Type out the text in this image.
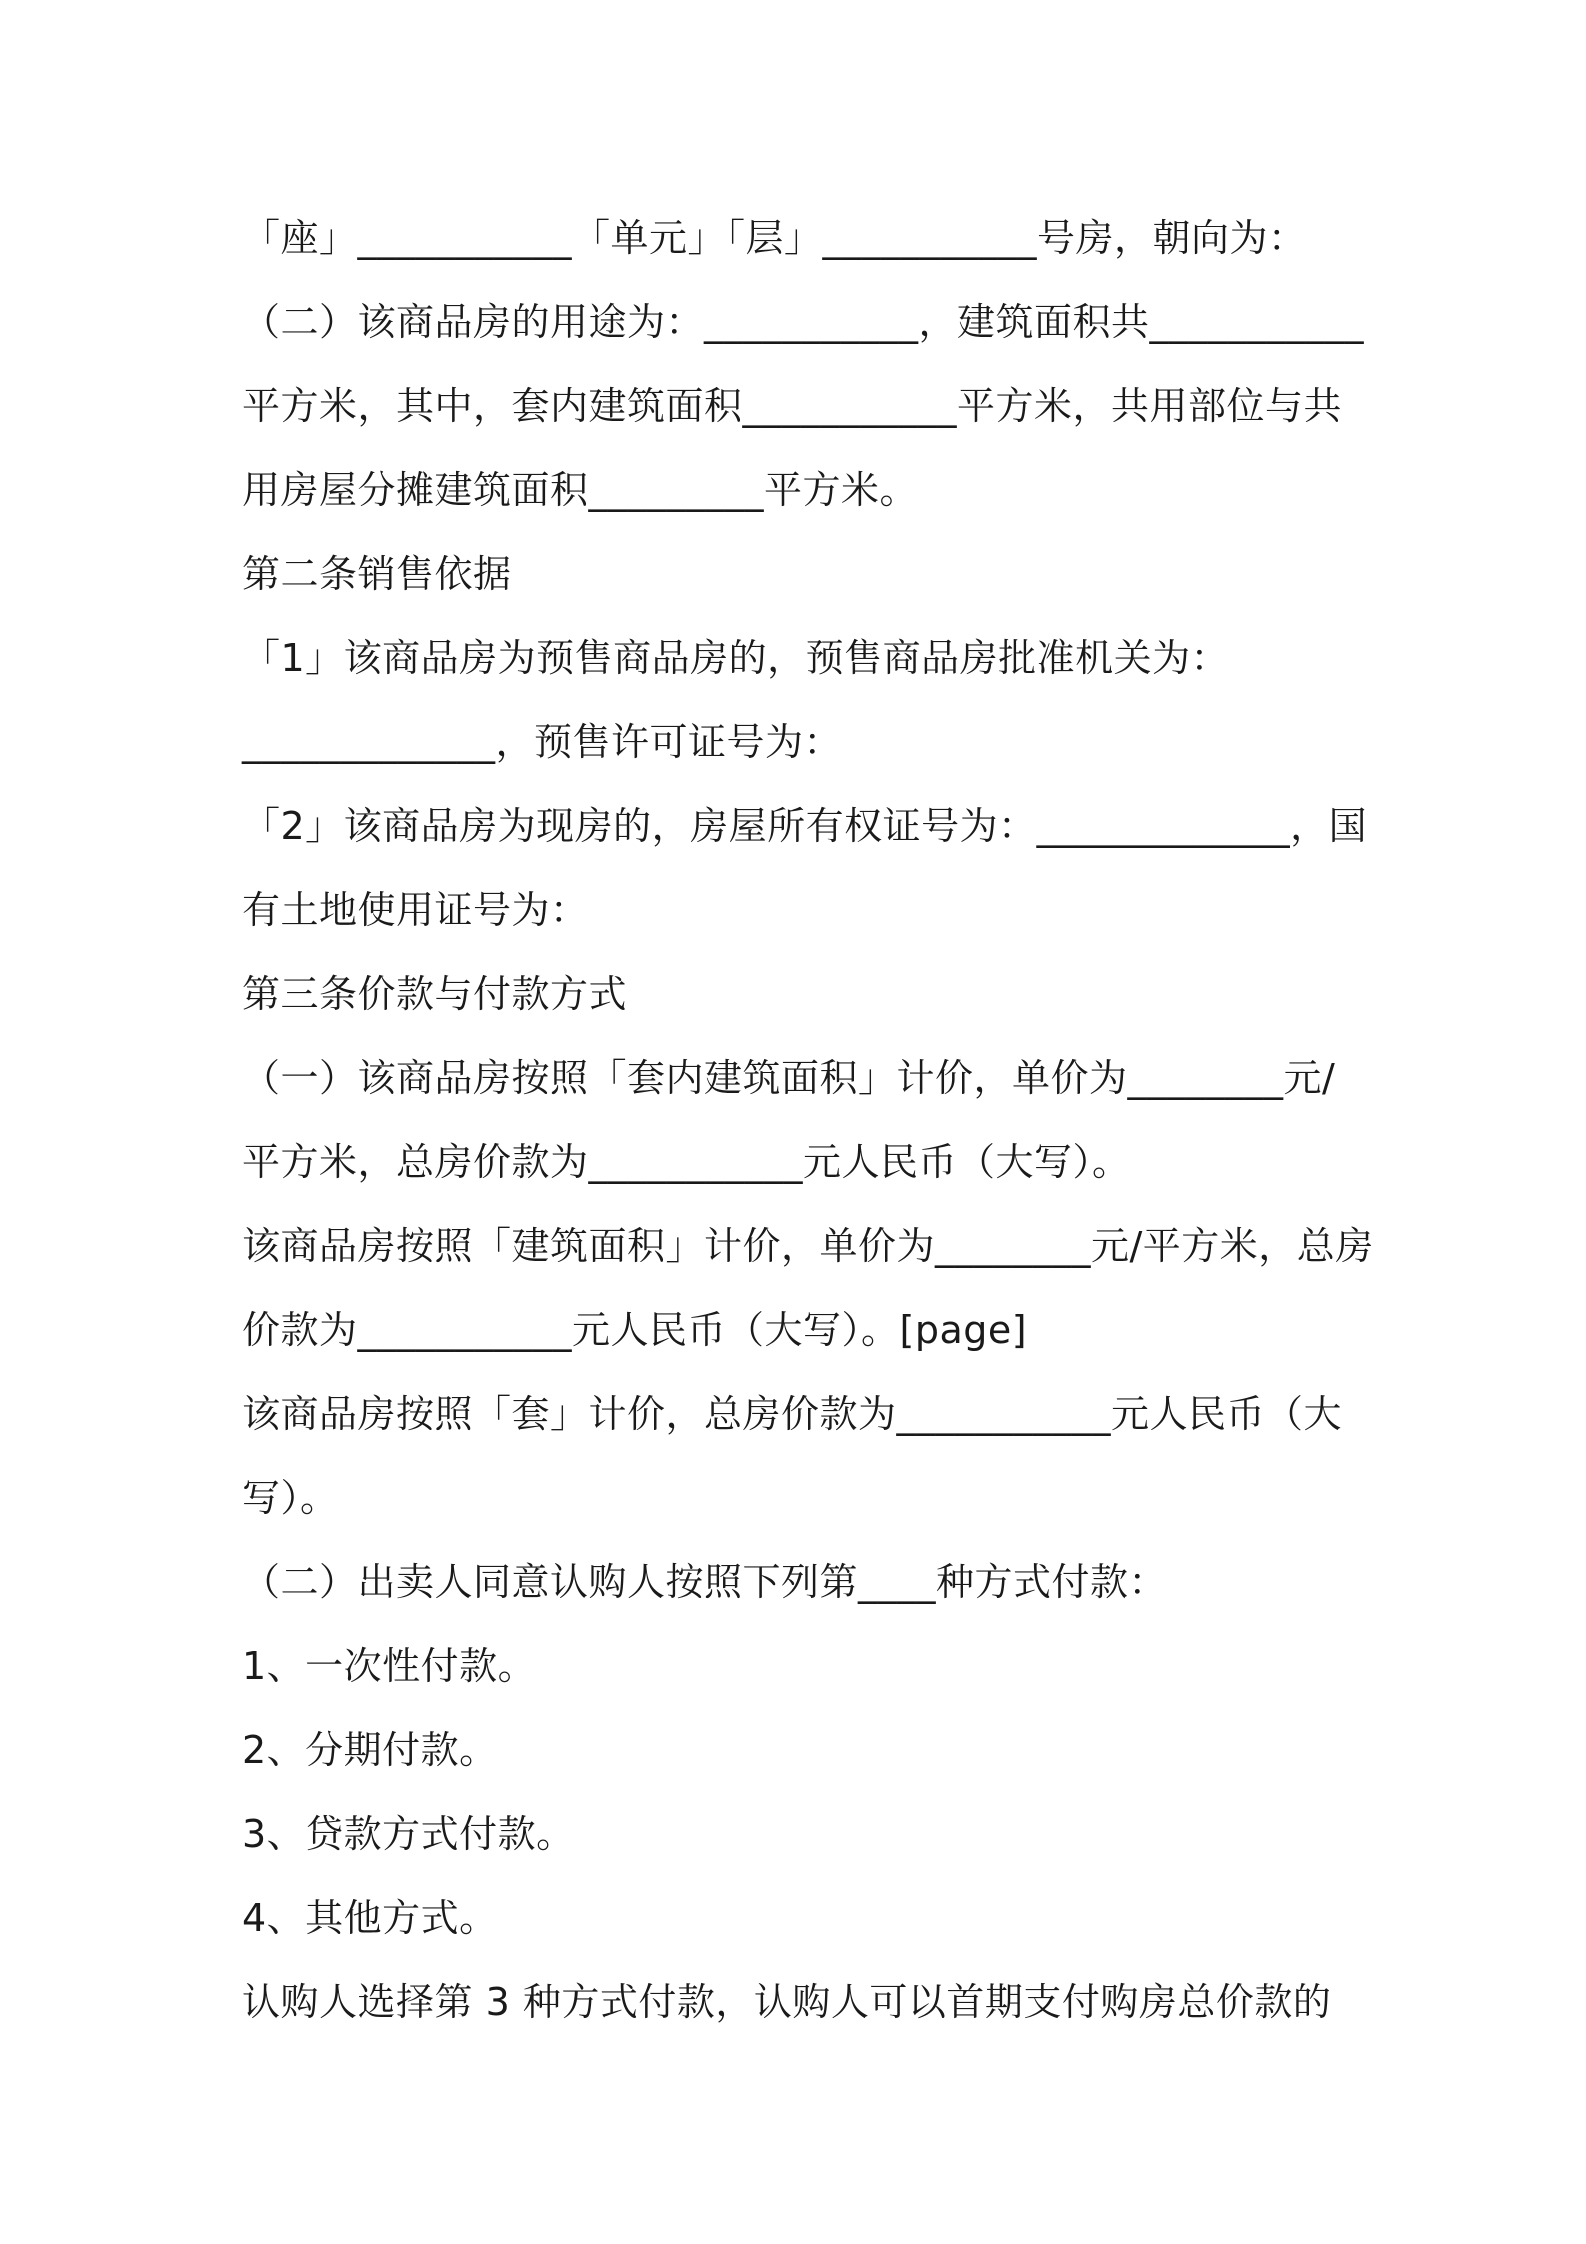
「座」___________「单元」「层」___________号房，朝向为：
（二）该商品房的用途为：___________，建筑面积共___________
平方米，其中，套内建筑面积___________平方米，共用部位与共
用房屋分摊建筑面积_________平方米。
第二条销售依据
「1」该商品房为预售商品房的，预售商品房批准机关为：
_____________，预售许可证号为：
「2」该商品房为现房的，房屋所有权证号为：_____________，国
有土地使用证号为：
第三条价款与付款方式
（一）该商品房按照「套内建筑面积」计价，单价为________元/
平方米，总房价款为___________元人民币（大写）。
该商品房按照「建筑面积」计价，单价为________元/平方米，总房
价款为___________元人民币（大写）。[page]
该商品房按照「套」计价，总房价款为___________元人民币（大
写）。
（二）出卖人同意认购人按照下列第____种方式付款：
1、一次性付款。
2、分期付款。
3、贷款方式付款。
4、其他方式。
认购人选择第 3 种方式付款，认购人可以首期支付购房总价款的
